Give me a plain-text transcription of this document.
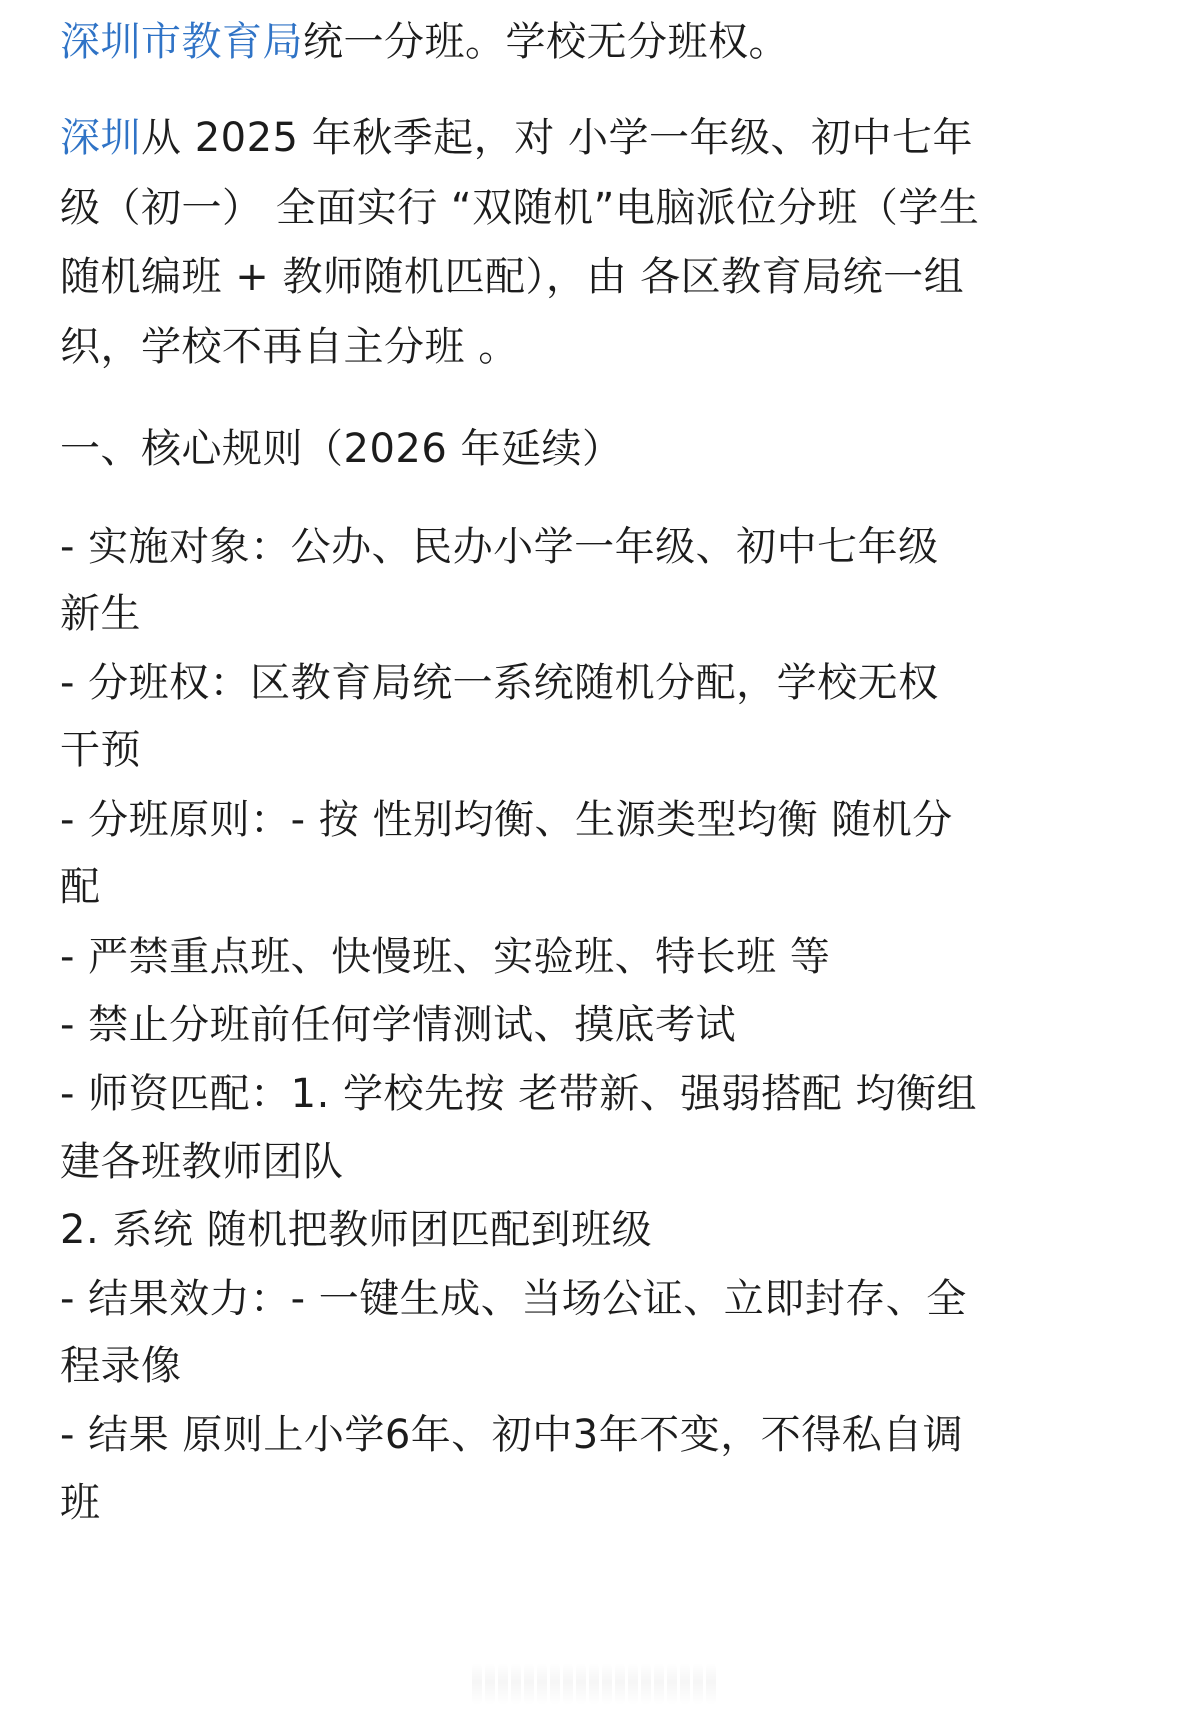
深圳市教育局统一分班。学校无分班权。
深圳从 2025 年秋季起，对 小学一年级、初中七年
级（初一） 全面实行 “双随机”电脑派位分班（学生
随机编班 + 教师随机匹配），由 各区教育局统一组
织，学校不再自主分班 。
一、核心规则（2026 年延续）
- 实施对象：公办、民办小学一年级、初中七年级
新生
- 分班权：区教育局统一系统随机分配，学校无权
干预
- 分班原则：- 按 性别均衡、生源类型均衡 随机分
配
- 严禁重点班、快慢班、实验班、特长班 等
- 禁止分班前任何学情测试、摸底考试
- 师资匹配：1. 学校先按 老带新、强弱搭配 均衡组
建各班教师团队
2. 系统 随机把教师团匹配到班级
- 结果效力：- 一键生成、当场公证、立即封存、全
程录像
- 结果 原则上小学6年、初中3年不变，不得私自调
班
